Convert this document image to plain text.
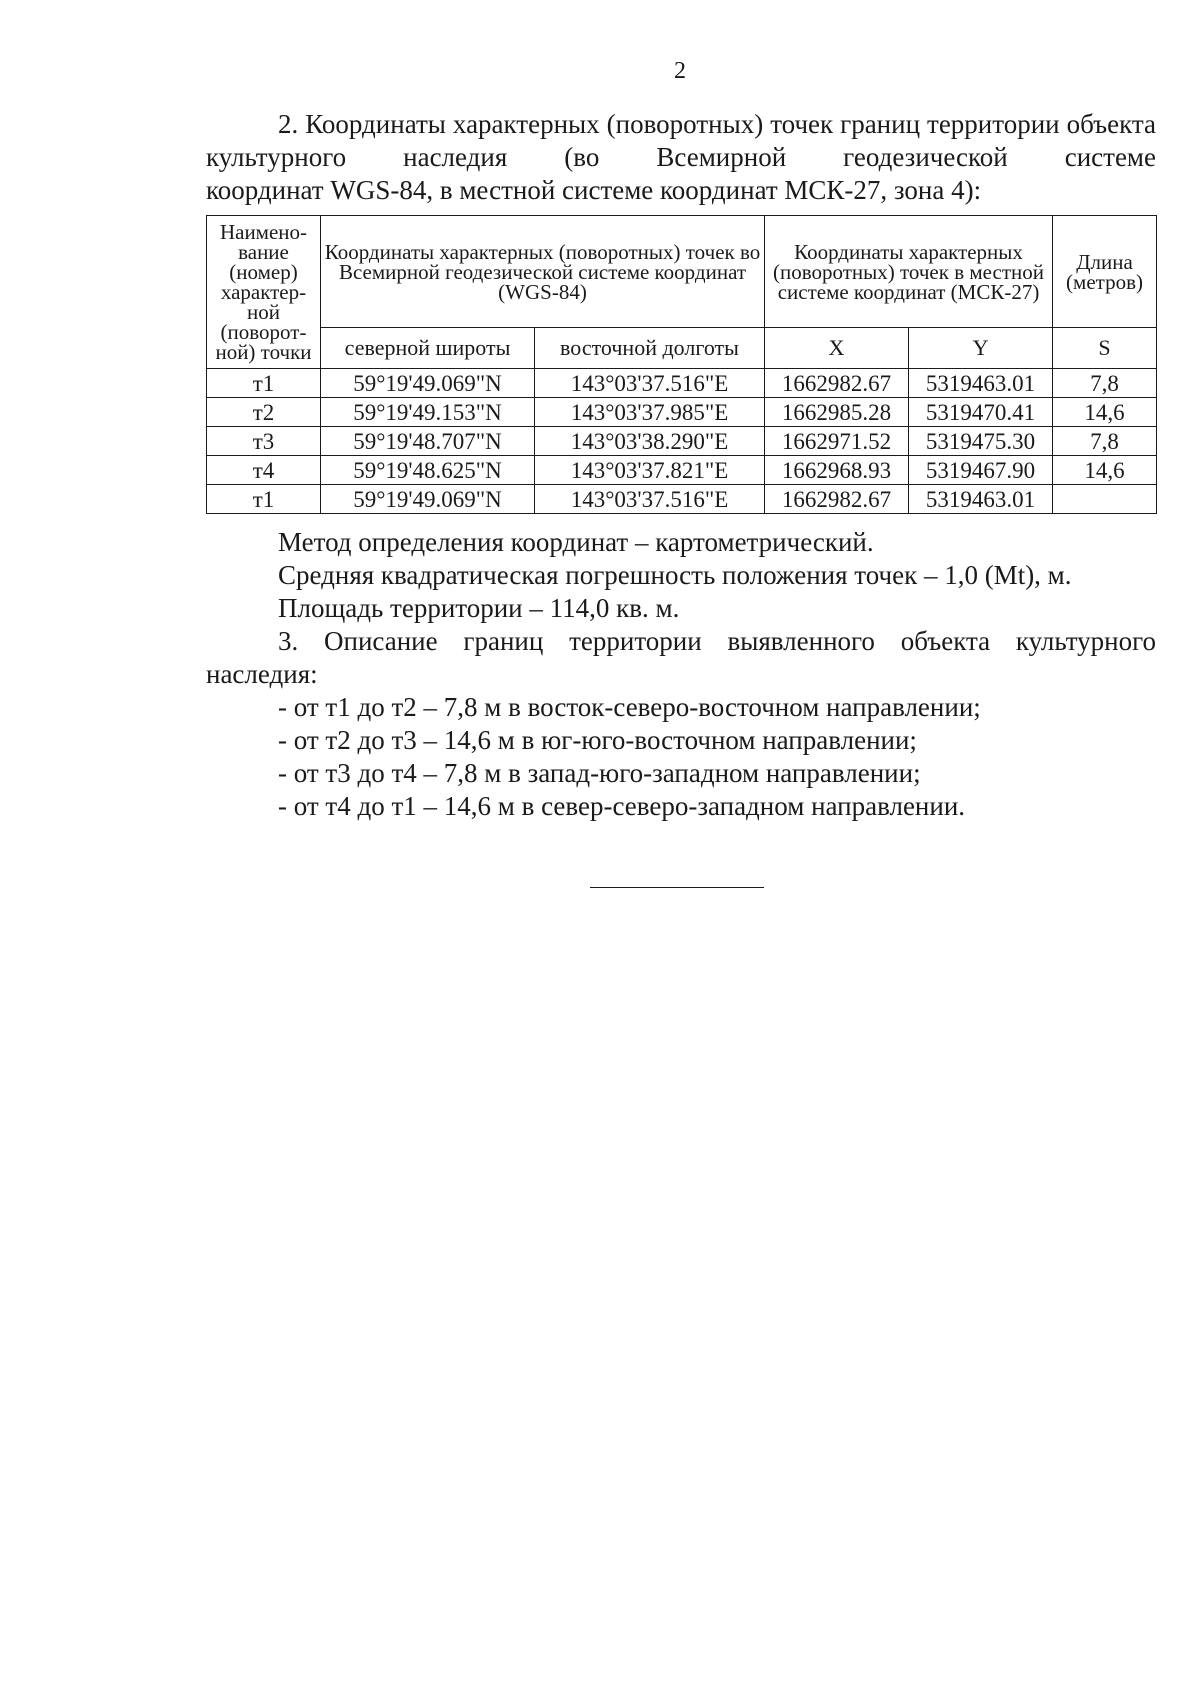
2

2. Координаты характерных (поворотных) точек границ территории объекта культурного наследия (во Всемирной геодезической системе
координат WGS-84, в местной системе координат МСК-27, зона 4):

Наимено-вание (номер) характер-ной (поворот-ной) точки	Координаты характерных (поворотных) точек во Всемирной геодезической системе координат (WGS-84)		Координаты характерных (поворотных) точек в местной системе координат (МСК-27)		Длина (метров)
	северной широты	восточной долготы	X	Y	S
т1	59°19'49.069"N	143°03'37.516"E	1662982.67	5319463.01	7,8
т2	59°19'49.153"N	143°03'37.985"E	1662985.28	5319470.41	14,6
т3	59°19'48.707"N	143°03'38.290"E	1662971.52	5319475.30	7,8
т4	59°19'48.625"N	143°03'37.821"E	1662968.93	5319467.90	14,6
т1	59°19'49.069"N	143°03'37.516"E	1662982.67	5319463.01	

Метод определения координат – картометрический.

Средняя квадратическая погрешность положения точек – 1,0 (Mt), м.

Площадь территории – 114,0 кв. м.

3. Описание границ территории выявленного объекта культурного
наследия:

- от т1 до т2 – 7,8 м в восток-северо-восточном направлении;

- от т2 до т3 – 14,6 м в юг-юго-восточном направлении;

- от т3 до т4 – 7,8 м в запад-юго-западном направлении;

- от т4 до т1 – 14,6 м в север-северо-западном направлении.
